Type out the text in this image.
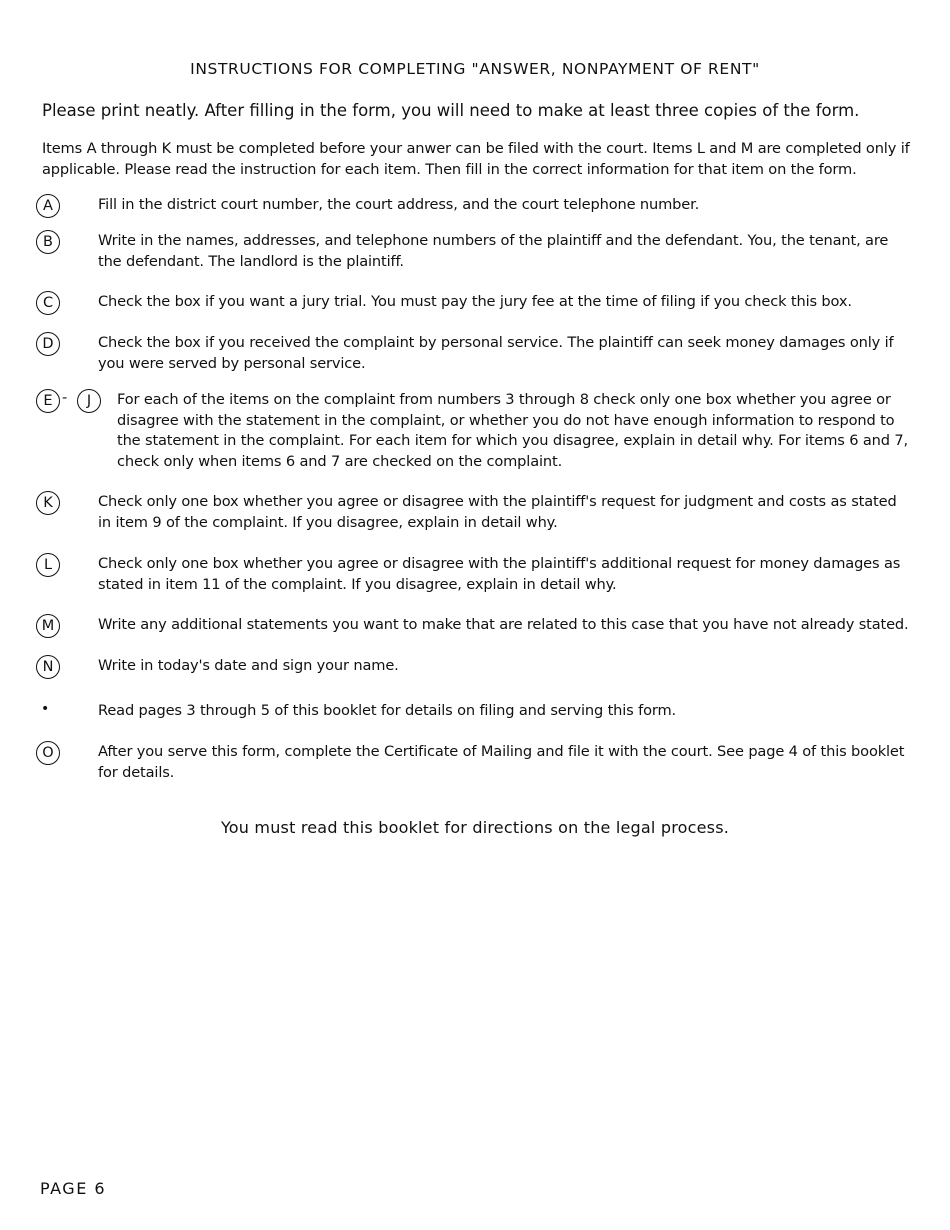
INSTRUCTIONS FOR COMPLETING "ANSWER, NONPAYMENT OF RENT"
Please print neatly. After filling in the form, you will need to make at least three copies of the form.
Items A through K must be completed before your anwer can be filed with the court. Items L and M are completed only if applicable. Please read the instruction for each item. Then fill in the correct information for that item on the form.
A	Fill in the district court number, the court address, and the court telephone number.
B	Write in the names, addresses, and telephone numbers of the plaintiff and the defendant. You, the tenant, are the defendant. The landlord is the plaintiff.
C	Check the box if you want a jury trial. You must pay the jury fee at the time of filing if you check this box.
D	Check the box if you received the complaint by personal service. The plaintiff can seek money damages only if you were served by personal service.
E -	J	For each of the items on the complaint from numbers 3 through 8 check only one box whether you agree or disagree with the statement in the complaint, or whether you do not have enough information to respond to the statement in the complaint. For each item for which you disagree, explain in detail why. For items 6 and 7, check only when items 6 and 7 are checked on the complaint.
K	Check only one box whether you agree or disagree with the plaintiff's request for judgment and costs as stated in item 9 of the complaint. If you disagree, explain in detail why.
L	Check only one box whether you agree or disagree with the plaintiff's additional request for money damages as stated in item 11 of the complaint. If you disagree, explain in detail why.
M	Write any additional statements you want to make that are related to this case that you have not already stated.
N	Write in today's date and sign your name.
•	Read pages 3 through 5 of this booklet for details on filing and serving this form.
O	After you serve this form, complete the Certificate of Mailing and file it with the court. See page 4 of this booklet for details.
You must read this booklet for directions on the legal process.
PAGE 6
